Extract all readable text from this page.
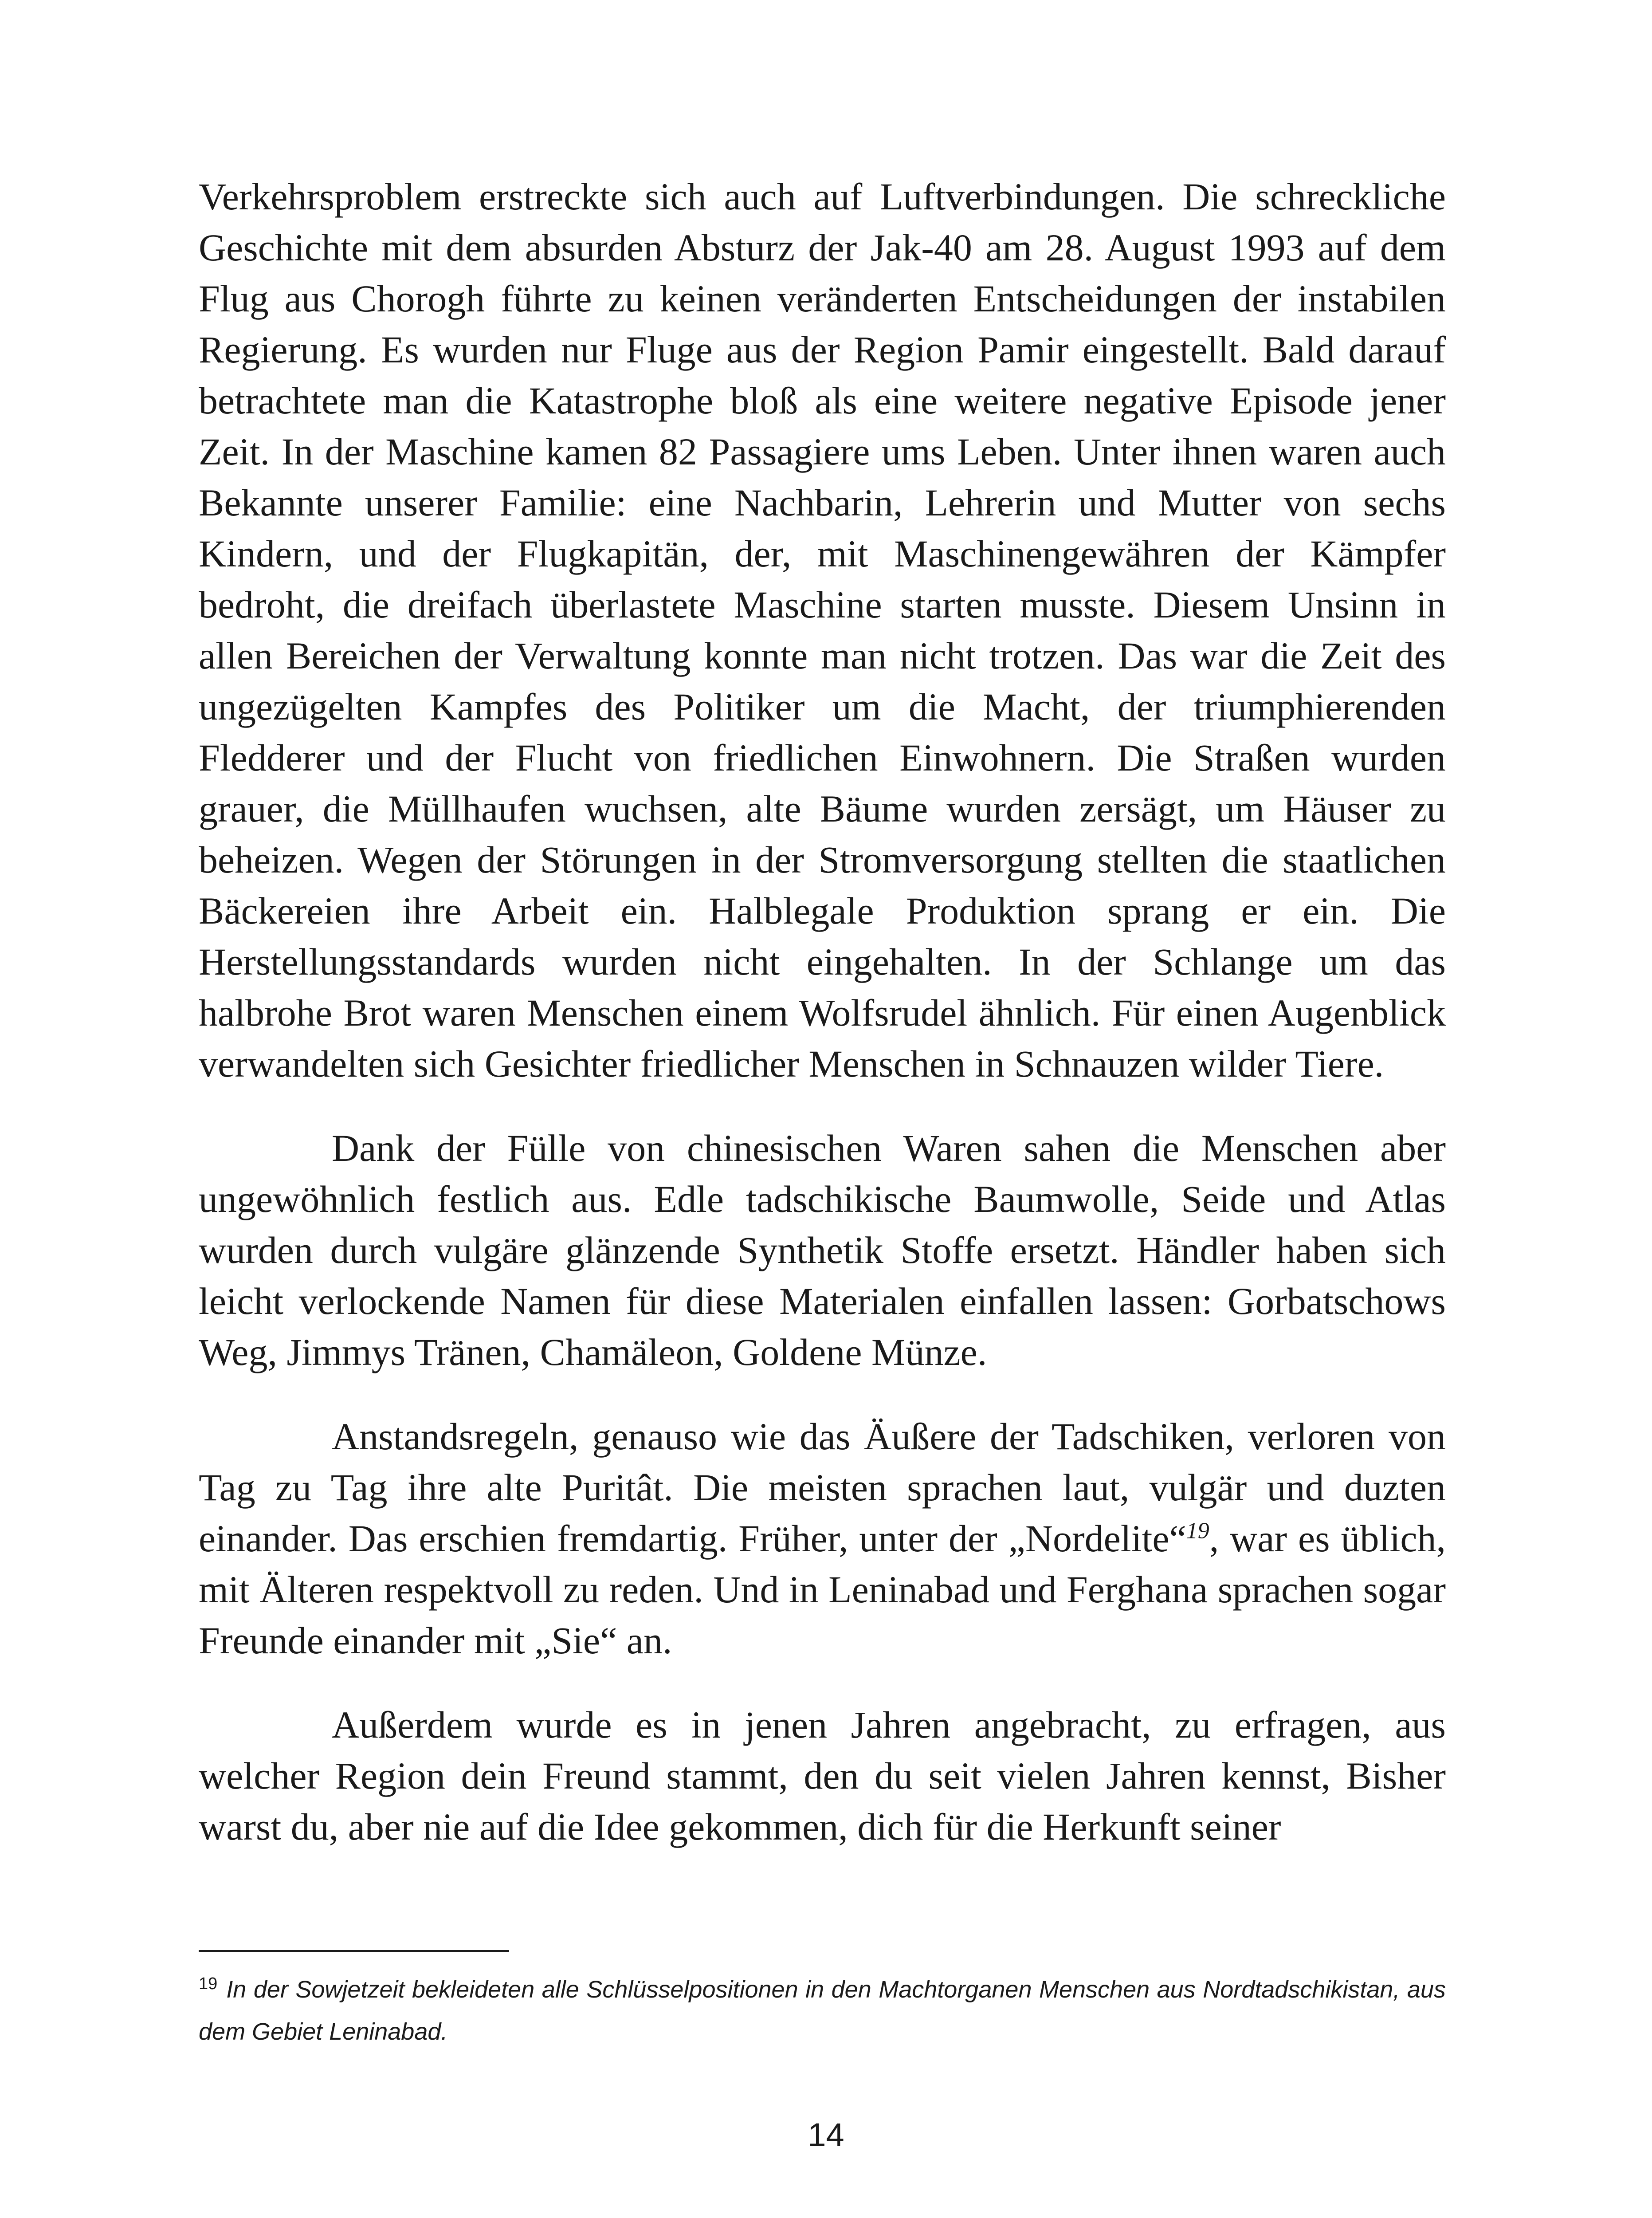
Verkehrsproblem erstreckte sich auch auf Luftverbindungen. Die schreckliche Geschichte mit dem absurden Absturz der Jak-40 am 28. August 1993 auf dem Flug aus Chorogh führte zu keinen veränderten Entscheidungen der instabilen Regierung. Es wurden nur Fluge aus der Region Pamir eingestellt. Bald darauf betrachtete man die Katastrophe bloß als eine weitere negative Episode jener Zeit. In der Maschine kamen 82 Passagiere ums Leben. Unter ihnen waren auch Bekannte unserer Familie: eine Nachbarin, Lehrerin und Mutter von sechs Kindern, und der Flugkapitän, der, mit Maschinengewähren der Kämpfer bedroht, die dreifach überlastete Maschine starten musste. Diesem Unsinn in allen Bereichen der Verwaltung konnte man nicht trotzen. Das war die Zeit des ungezügelten Kampfes des Politiker um die Macht, der triumphierenden Fledderer und der Flucht von friedlichen Einwohnern. Die Straßen wurden grauer, die Müllhaufen wuchsen, alte Bäume wurden zersägt, um Häuser zu beheizen. Wegen der Störungen in der Stromversorgung stellten die staatlichen Bäckereien ihre Arbeit ein. Halblegale Produktion sprang er ein. Die Herstellungsstandards wurden nicht eingehalten. In der Schlange um das halbrohe Brot waren Menschen einem Wolfsrudel ähnlich. Für einen Augenblick verwandelten sich Gesichter friedlicher Menschen in Schnauzen wilder Tiere.

Dank der Fülle von chinesischen Waren sahen die Menschen aber ungewöhnlich festlich aus. Edle tadschikische Baumwolle, Seide und Atlas wurden durch vulgäre glänzende Synthetik Stoffe ersetzt. Händler haben sich leicht verlockende Namen für diese Materialen einfallen lassen: Gorbatschows Weg, Jimmys Tränen, Chamäleon, Goldene Münze.

Anstandsregeln, genauso wie das Äußere der Tadschiken, verloren von Tag zu Tag ihre alte Puritât. Die meisten sprachen laut, vulgär und duzten einander. Das erschien fremdartig. Früher, unter der „Nordelite“$^{19}$, war es üblich, mit Älteren respektvoll zu reden. Und in Leninabad und Ferghana sprachen sogar Freunde einander mit „Sie“ an.

Außerdem wurde es in jenen Jahren angebracht, zu erfragen, aus welcher Region dein Freund stammt, den du seit vielen Jahren kennst, Bisher warst du, aber nie auf die Idee gekommen, dich für die Herkunft seiner

$^{19}$ In der Sowjetzeit bekleideten alle Schlüsselpositionen in den Machtorganen Menschen aus Nordtadschikistan, aus dem Gebiet Leninabad.
14
